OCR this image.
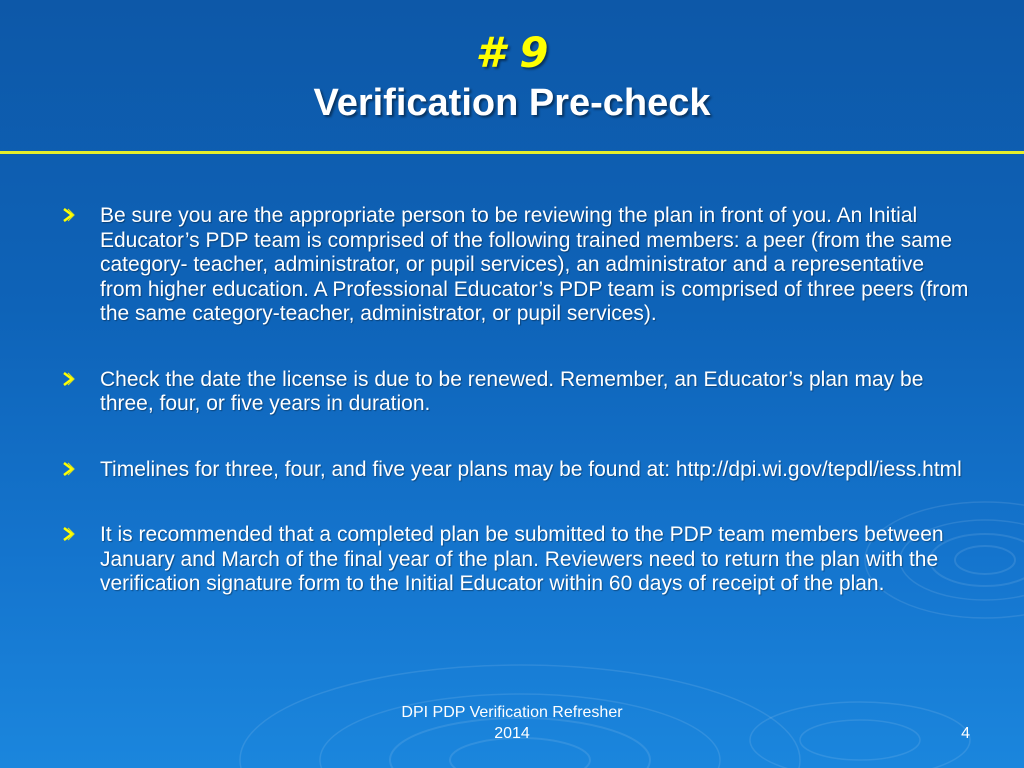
# 9
Verification Pre-check
Be sure you are the appropriate person to be reviewing the plan in front of you. An Initial Educator’s PDP team is comprised of the following trained members: a peer (from the same category- teacher, administrator, or pupil services), an administrator and a representative from higher education. A Professional Educator’s PDP team is comprised of three peers (from the same category-teacher, administrator, or pupil services).
Check the date the license is due to be renewed. Remember, an Educator’s plan may be three, four, or five years in duration.
Timelines for three, four, and five year plans may be found at: http://dpi.wi.gov/tepdl/iess.html
It is recommended that a completed plan be submitted to the PDP team members between January and March of the final year of the plan. Reviewers need to return the plan with the verification signature form to the Initial Educator within 60 days of receipt of the plan.
DPI PDP Verification Refresher
2014	4
